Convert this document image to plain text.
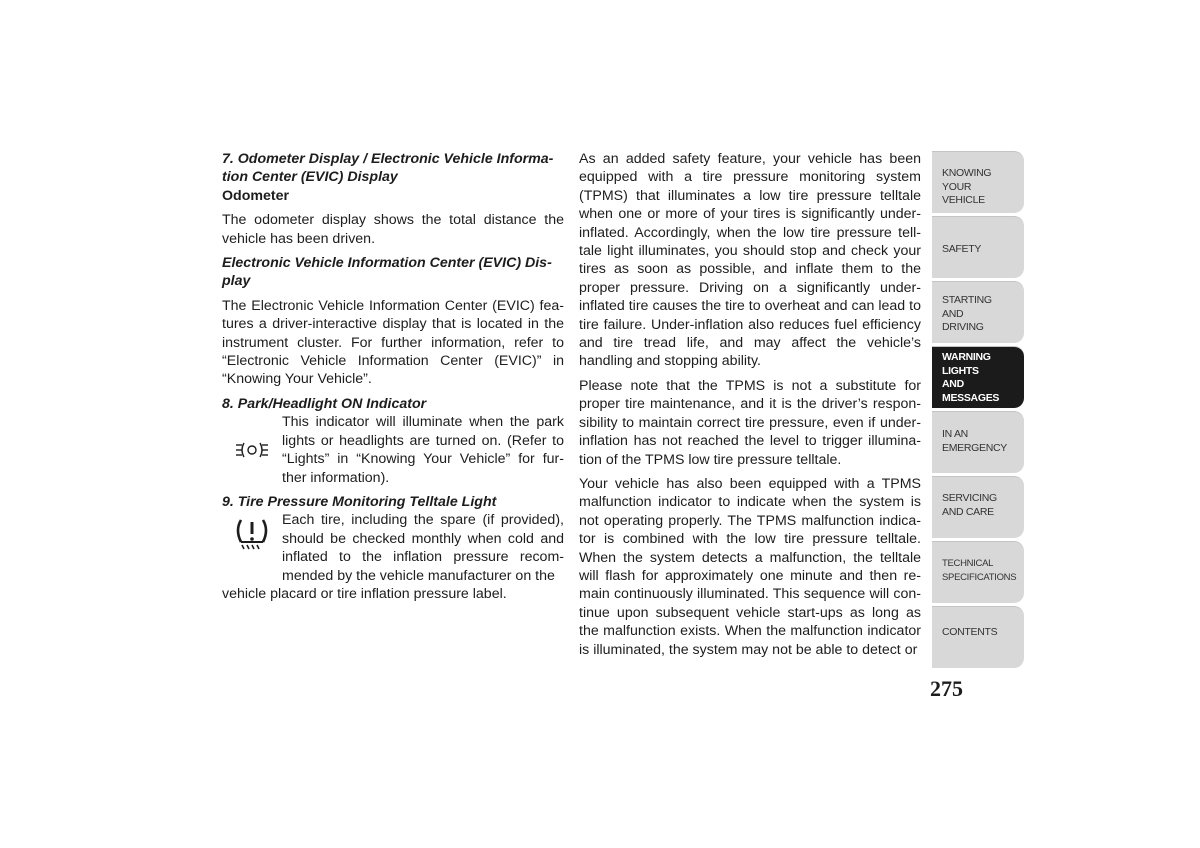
7. Odometer Display / Electronic Vehicle Informa-
tion Center (EVIC) Display
Odometer

The odometer display shows the total distance the vehicle has been driven.

Electronic Vehicle Information Center (EVIC) Dis- play

The Electronic Vehicle Information Center (EVIC) fea- tures a driver-interactive display that is located in the instrument cluster. For further information, refer to “Electronic Vehicle Information Center (EVIC)” in “Knowing Your Vehicle”.

8. Park/Headlight ON Indicator
This indicator will illuminate when the park lights or headlights are turned on. (Refer to “Lights” in “Knowing Your Vehicle” for fur- ther information).
9. Tire Pressure Monitoring Telltale Light
Each tire, including the spare (if provided), should be checked monthly when cold and inflated to the inflation pressure recom- mended by the vehicle manufacturer on the

vehicle placard or tire inflation pressure label.

As an added safety feature, your vehicle has been equipped with a tire pressure monitoring system (TPMS) that illuminates a low tire pressure telltale when one or more of your tires is significantly under- inflated. Accordingly, when the low tire pressure tell- tale light illuminates, you should stop and check your tires as soon as possible, and inflate them to the proper pressure. Driving on a significantly under-inflated tire causes the tire to overheat and can lead to tire failure. Under-inflation also reduces fuel efficiency and tire tread life, and may affect the vehicle’s handling and stopping ability.

Please note that the TPMS is not a substitute for proper tire maintenance, and it is the driver’s respon- sibility to maintain correct tire pressure, even if under- inflation has not reached the level to trigger illumina- tion of the TPMS low tire pressure telltale.

Your vehicle has also been equipped with a TPMS malfunction indicator to indicate when the system is not operating properly. The TPMS malfunction indica- tor is combined with the low tire pressure telltale. When the system detects a malfunction, the telltale will flash for approximately one minute and then re- main continuously illuminated. This sequence will con- tinue upon subsequent vehicle start-ups as long as the malfunction exists. When the malfunction indicator is illuminated, the system may not be able to detect or

KNOWING
YOUR
VEHICLE
SAFETY
STARTING
AND
DRIVING
WARNING
LIGHTS
AND
MESSAGES
IN AN
EMERGENCY
SERVICING
AND CARE
TECHNICAL
SPECIFICATIONS
CONTENTS
275
